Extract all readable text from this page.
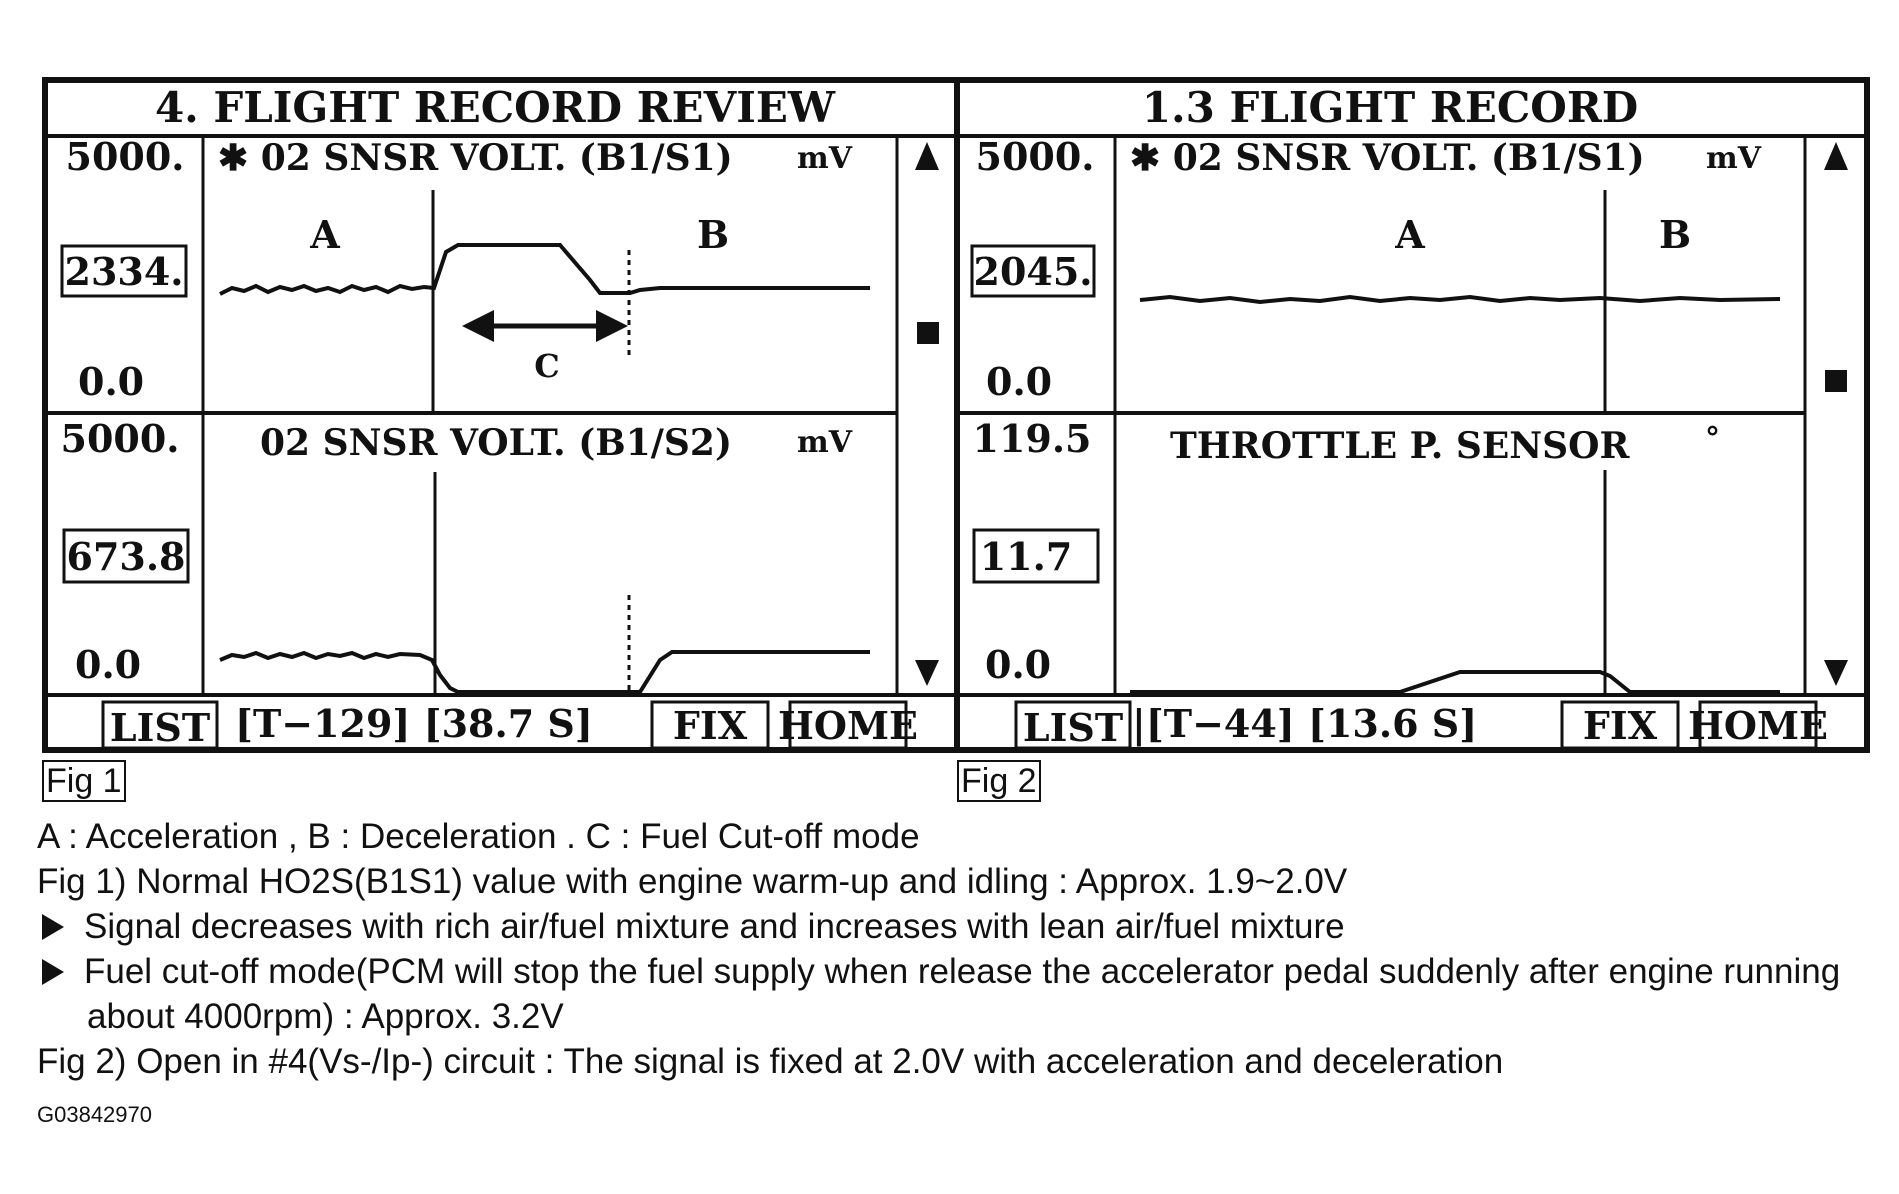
4. FLIGHT RECORD REVIEW
5000.
2334.
0.0
✱ 02 SNSR VOLT. (B1/S1) mV
A	B
C
5000.
673.8
0.0
02 SNSR VOLT. (B1/S2) mV
LIST [T−129] [38.7 S] FIX HOME
1.3 FLIGHT RECORD
5000.
2045.
0.0
✱ 02 SNSR VOLT. (B1/S1) mV
A	B
119.5
11.7
0.0
THROTTLE P. SENSOR	°
LIST |[T−44] [13.6 S]	FIX HOME
Fig 1	Fig 2
A : Acceleration , B : Deceleration . C : Fuel Cut-off mode
Fig 1) Normal HO2S(B1S1) value with engine warm-up and idling : Approx. 1.9~2.0V
Signal decreases with rich air/fuel mixture and increases with lean air/fuel mixture
Fuel cut-off mode(PCM will stop the fuel supply when release the accelerator pedal suddenly after engine running
about 4000rpm) : Approx. 3.2V
Fig 2) Open in #4(Vs-/Ip-) circuit : The signal is fixed at 2.0V with acceleration and deceleration
G03842970
